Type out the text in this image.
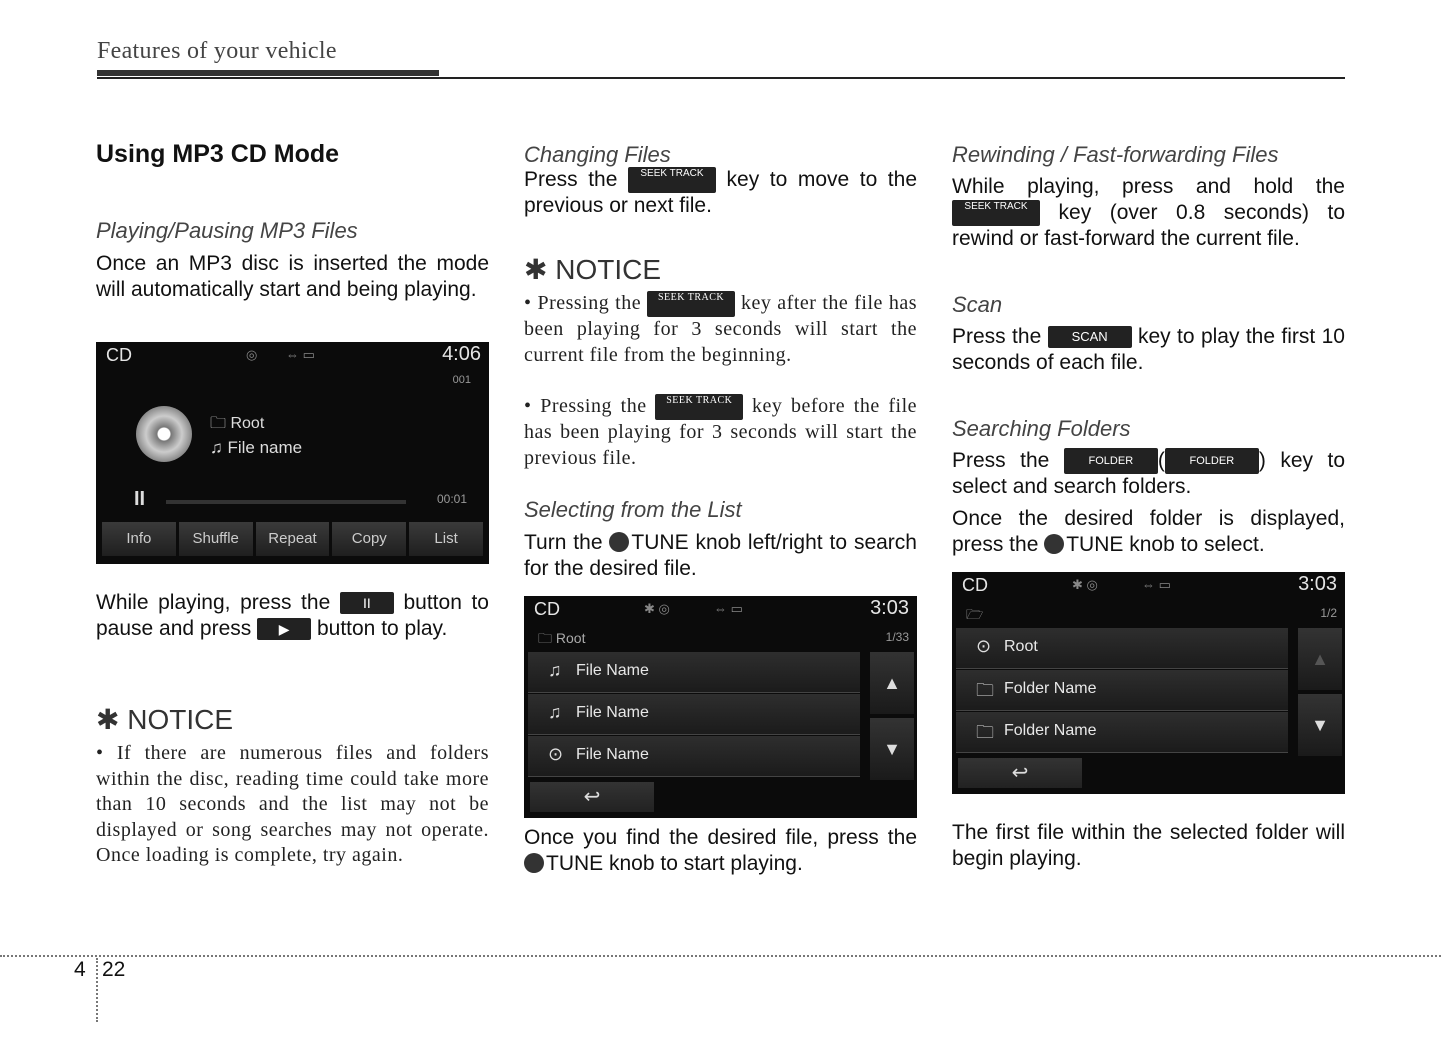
Features of your vehicle
Using MP3 CD Mode
Playing/Pausing MP3 Files
Once an MP3 disc is inserted the mode will automatically start and being playing.
CD	◎ ⇔ ▭	4:06
001
🗀 Root
♫ File name
II	00:01
Info	Shuffle	Repeat	Copy	List
While playing, press the II button to pause and press ▶ button to play.
✱ NOTICE
• If there are numerous files and folders within the disc, reading time could take more than 10 seconds and the list may not be displayed or song searches may not operate. Once loading is complete, try again.
Changing Files
Press the SEEK TRACK key to move to the previous or next file.
✱ NOTICE
• Pressing the SEEK TRACK key after the file has been playing for 3 seconds will start the current file from the beginning.
• Pressing the SEEK TRACK key before the file has been playing for 3 seconds will start the previous file.
Selecting from the List
Turn the TUNE knob left/right to search for the desired file.
CD	✱ ◎	⇔ ▭	3:03
🗀 Root	1/33
♫ File Name
♫ File Name
⊙ File Name
▲
▼
↩
Once you find the desired file, press the TUNE knob to start playing.
Rewinding / Fast-forwarding Files
While playing, press and hold the SEEK TRACK key (over 0.8 seconds) to rewind or fast-forward the current file.
Scan
Press the SCAN key to play the first 10 seconds of each file.
Searching Folders
Press the	FOLDER ( FOLDER ) key to select and search folders.
Once the desired folder is displayed, press the TUNE knob to select.
CD	✱ ◎	⇔ ▭	3:03
🗁	1/2
⊙ Root
🗀 Folder Name
🗀 Folder Name
▲
▼
↩
The first file within the selected folder will begin playing.
4 22
